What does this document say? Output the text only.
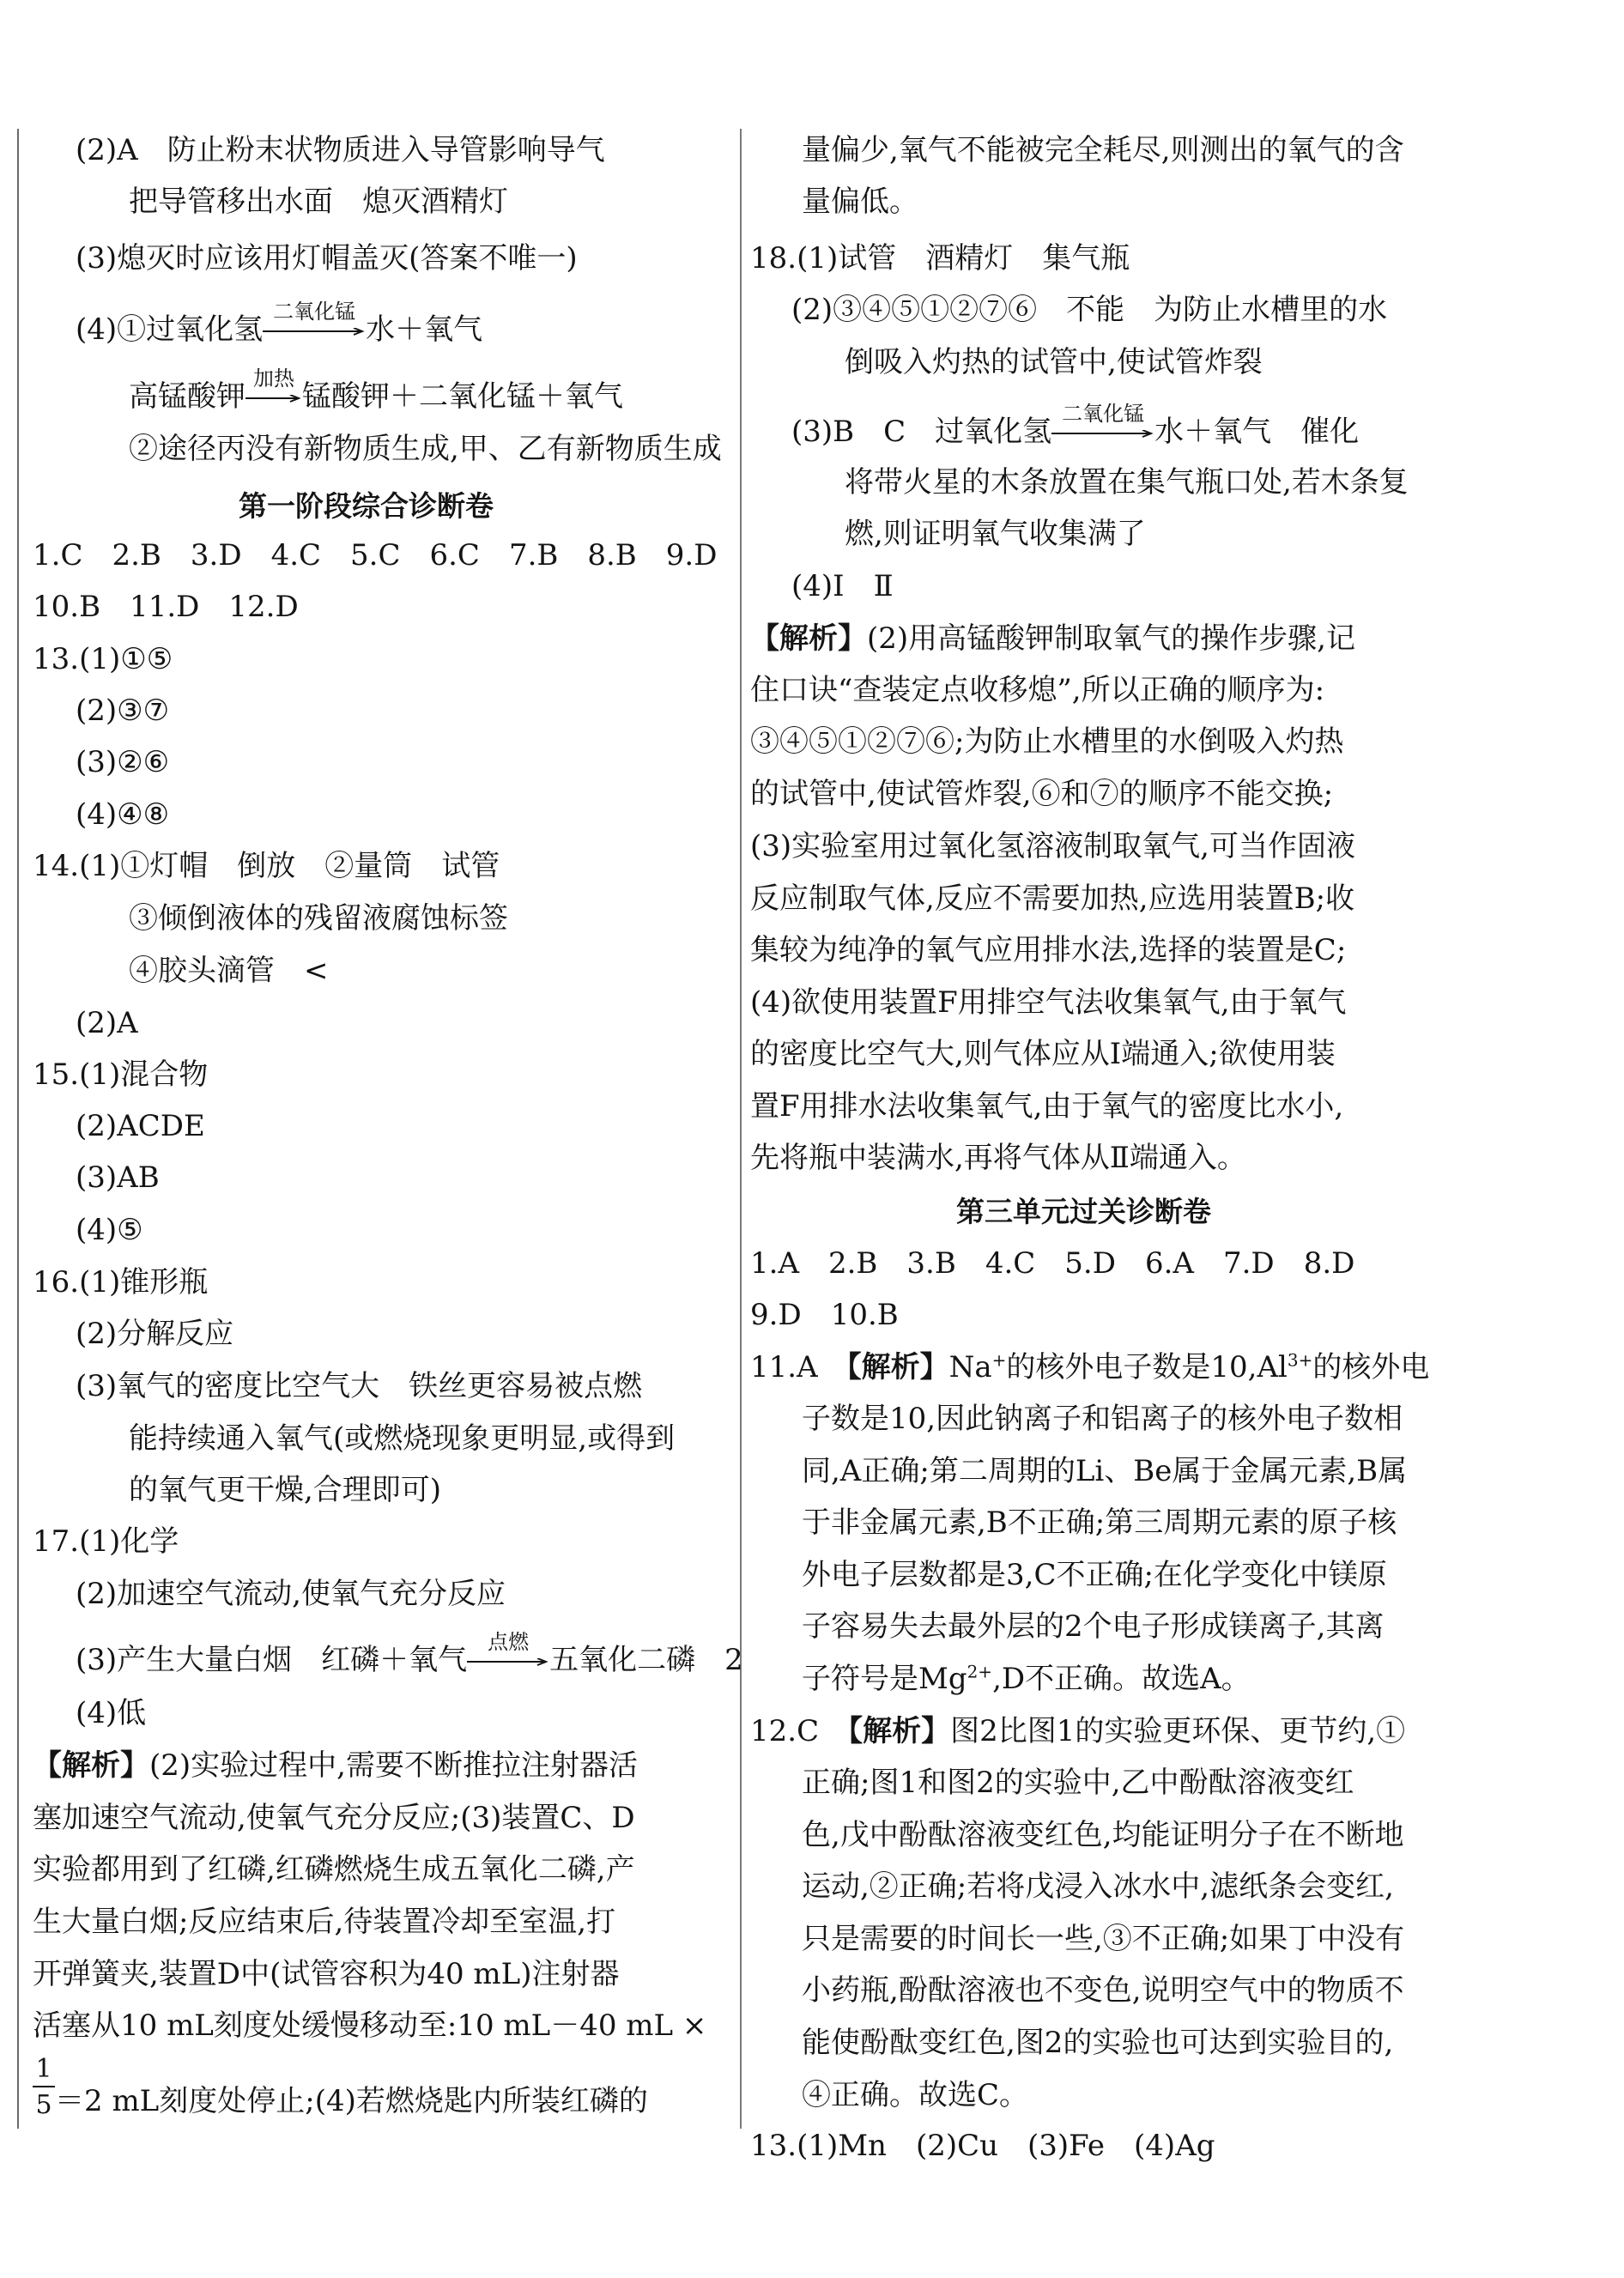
(2)A　防止粉末状物质进入导管影响导气
把导管移出水面　熄灭酒精灯
(3)熄灭时应该用灯帽盖灭(答案不唯一)
(4)①过氧化氢
二氧化锰
水＋氧气
高锰酸钾
加热
锰酸钾＋二氧化锰＋氧气
②途径丙没有新物质生成,甲、乙有新物质生成
第一阶段综合诊断卷
1.C　2.B　3.D　4.C　5.C　6.C　7.B　8.B　9.D
10.B　11.D　12.D
13.(1)①⑤
(2)③⑦
(3)②⑥
(4)④⑧
14.(1)①灯帽　倒放　②量筒　试管
③倾倒液体的残留液腐蚀标签
④胶头滴管　<
(2)A
15.(1)混合物
(2)ACDE
(3)AB
(4)⑤
16.(1)锥形瓶
(2)分解反应
(3)氧气的密度比空气大　铁丝更容易被点燃
能持续通入氧气(或燃烧现象更明显,或得到
的氧气更干燥,合理即可)
17.(1)化学
(2)加速空气流动,使氧气充分反应
(3)产生大量白烟　红磷＋氧气
点燃
五氧化二磷　2
(4)低
【解析】(2)实验过程中,需要不断推拉注射器活
塞加速空气流动,使氧气充分反应;(3)装置C、D
实验都用到了红磷,红磷燃烧生成五氧化二磷,产
生大量白烟;反应结束后,待装置冷却至室温,打
开弹簧夹,装置D中(试管容积为40 mL)注射器
活塞从10 mL刻度处缓慢移动至:10 mL－40 mL ×
$\frac{1}{5} =2$ mL刻度处停止;(4)若燃烧匙内所装红磷的
量偏少,氧气不能被完全耗尽,则测出的氧气的含
量偏低。
18.(1)试管　酒精灯　集气瓶
(2)③④⑤①②⑦⑥　不能　为防止水槽里的水
倒吸入灼热的试管中,使试管炸裂
(3)B　C　过氧化氢
二氧化锰
水＋氧气　催化
将带火星的木条放置在集气瓶口处,若木条复
燃,则证明氧气收集满了
(4)Ⅰ　Ⅱ
【解析】(2)用高锰酸钾制取氧气的操作步骤,记
住口诀“查装定点收移熄”,所以正确的顺序为:
③④⑤①②⑦⑥;为防止水槽里的水倒吸入灼热
的试管中,使试管炸裂,⑥和⑦的顺序不能交换;
(3)实验室用过氧化氢溶液制取氧气,可当作固液
反应制取气体,反应不需要加热,应选用装置B;收
集较为纯净的氧气应用排水法,选择的装置是C;
(4)欲使用装置F用排空气法收集氧气,由于氧气
的密度比空气大,则气体应从Ⅰ端通入;欲使用装
置F用排水法收集氧气,由于氧气的密度比水小,
先将瓶中装满水,再将气体从Ⅱ端通入。
第三单元过关诊断卷
1.A　2.B　3.B　4.C　5.D　6.A　7.D　8.D
9.D　10.B
11.A　【解析】Na+的核外电子数是$10,Al^{3+}$的核外电
子数是10,因此钠离子和铝离子的核外电子数相
同,A正确;第二周期的Li、Be属于金属元素,B属
于非金属元素,B不正确;第三周期元素的原子核
外电子层数都是3,C不正确;在化学变化中镁原
子容易失去最外层的2个电子形成镁离子,其离
子符号是$Mg^{2+},D$不正确。故选A。
12.C　【解析】图2比图1的实验更环保、更节约,①
正确;图1和图2的实验中,乙中酚酞溶液变红
色,戊中酚酞溶液变红色,均能证明分子在不断地
运动,②正确;若将戊浸入冰水中,滤纸条会变红,
只是需要的时间长一些,③不正确;如果丁中没有
小药瓶,酚酞溶液也不变色,说明空气中的物质不
能使酚酞变红色,图2的实验也可达到实验目的,
④正确。故选C。
13.(1)Mn　(2)Cu　(3)Fe　(4)Ag
